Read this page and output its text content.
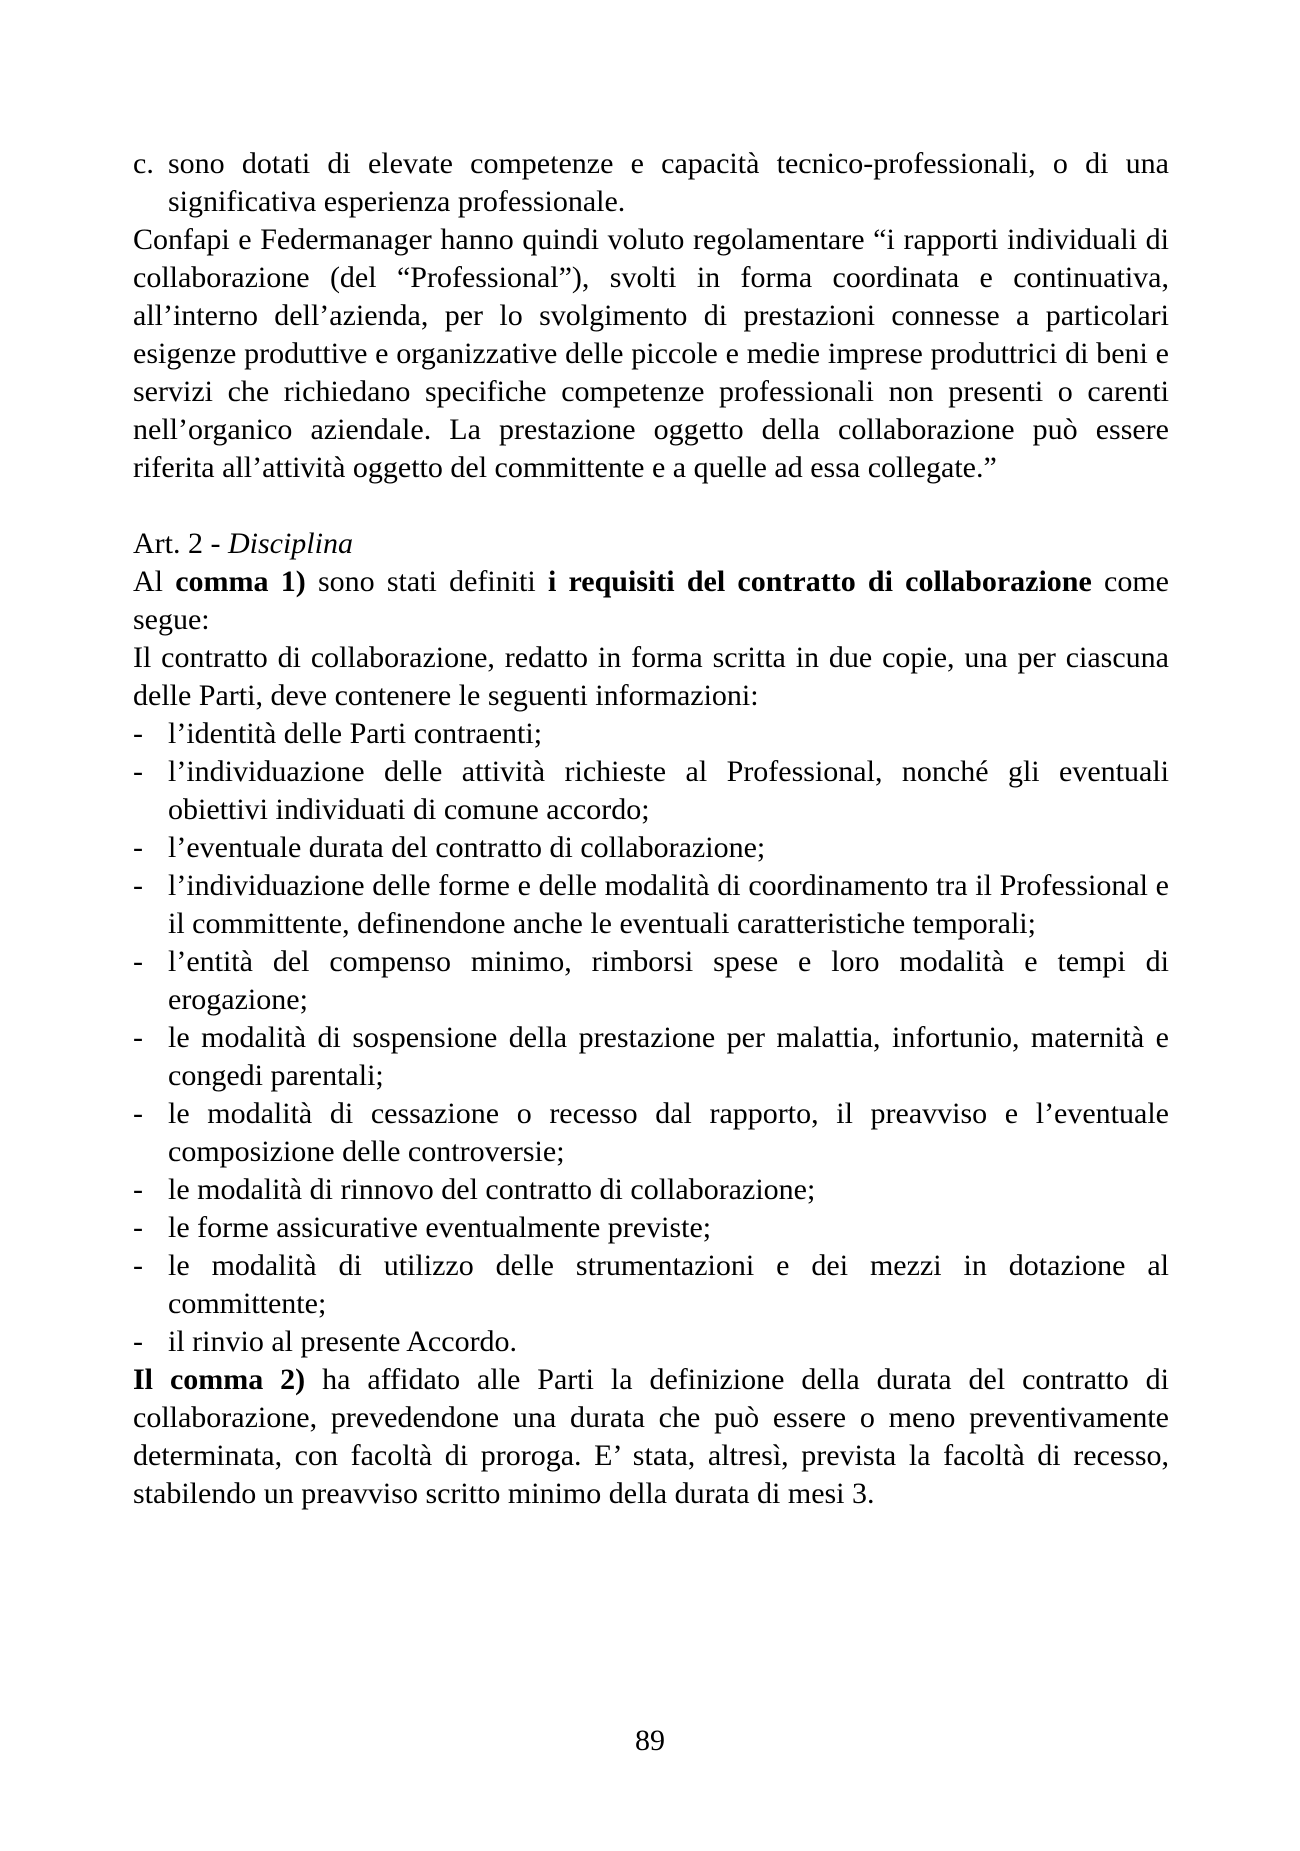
c. sono dotati di elevate competenze e capacità tecnico-professionali, o di una significativa esperienza professionale.

Confapi e Federmanager hanno quindi voluto regolamentare “i rapporti individuali di collaborazione (del “Professional”), svolti in forma coordinata e continuativa, all’interno dell’azienda, per lo svolgimento di prestazioni connesse a particolari esigenze produttive e organizzative delle piccole e medie imprese produttrici di beni e servizi che richiedano specifiche competenze professionali non presenti o carenti nell’organico aziendale. La prestazione oggetto della collaborazione può essere riferita all’attività oggetto del committente e a quelle ad essa collegate.”

Art. 2 - Disciplina

Al comma 1) sono stati definiti i requisiti del contratto di collaborazione come segue:

Il contratto di collaborazione, redatto in forma scritta in due copie, una per ciascuna delle Parti, deve contenere le seguenti informazioni:

- l’identità delle Parti contraenti;
- l’individuazione delle attività richieste al Professional, nonché gli eventuali obiettivi individuati di comune accordo;
- l’eventuale durata del contratto di collaborazione;
- l’individuazione delle forme e delle modalità di coordinamento tra il Professional e il committente, definendone anche le eventuali caratteristiche temporali;
- l’entità del compenso minimo, rimborsi spese e loro modalità e tempi di erogazione;
- le modalità di sospensione della prestazione per malattia, infortunio, maternità e congedi parentali;
- le modalità di cessazione o recesso dal rapporto, il preavviso e l’eventuale composizione delle controversie;
- le modalità di rinnovo del contratto di collaborazione;
- le forme assicurative eventualmente previste;
- le modalità di utilizzo delle strumentazioni e dei mezzi in dotazione al committente;
- il rinvio al presente Accordo.

Il comma 2) ha affidato alle Parti la definizione della durata del contratto di collaborazione, prevedendone una durata che può essere o meno preventivamente determinata, con facoltà di proroga. E’ stata, altresì, prevista la facoltà di recesso, stabilendo un preavviso scritto minimo della durata di mesi 3.

89
